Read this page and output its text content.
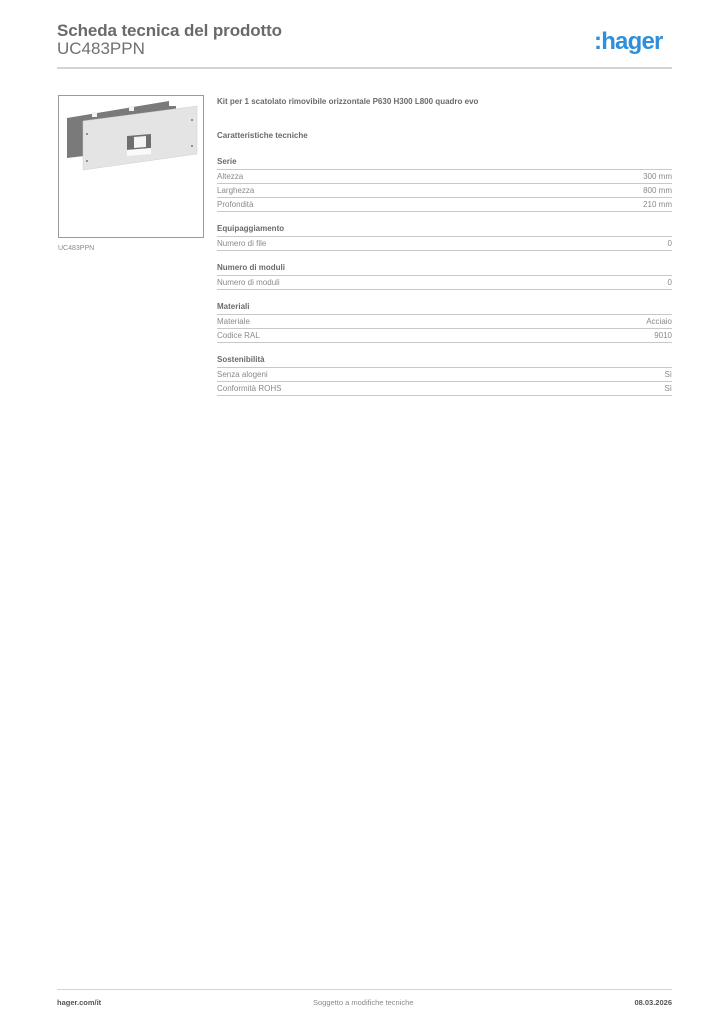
Scheda tecnica del prodotto
UC483PPN	:hager
UC483PPN
Kit per 1 scatolato rimovibile orizzontale P630 H300 L800 quadro evo
Caratteristiche tecniche
Serie
Altezza	300 mm
Larghezza	800 mm
Profondità	210 mm
Equipaggiamento
Numero di file	0
Numero di moduli
Numero di moduli	0
Materiali
Materiale	Acciaio
Codice RAL	9010
Sostenibilità
Senza alogeni	Sì
Conformità ROHS	Sì
hager.com/it	Soggetto a modifiche tecniche	08.03.2026
